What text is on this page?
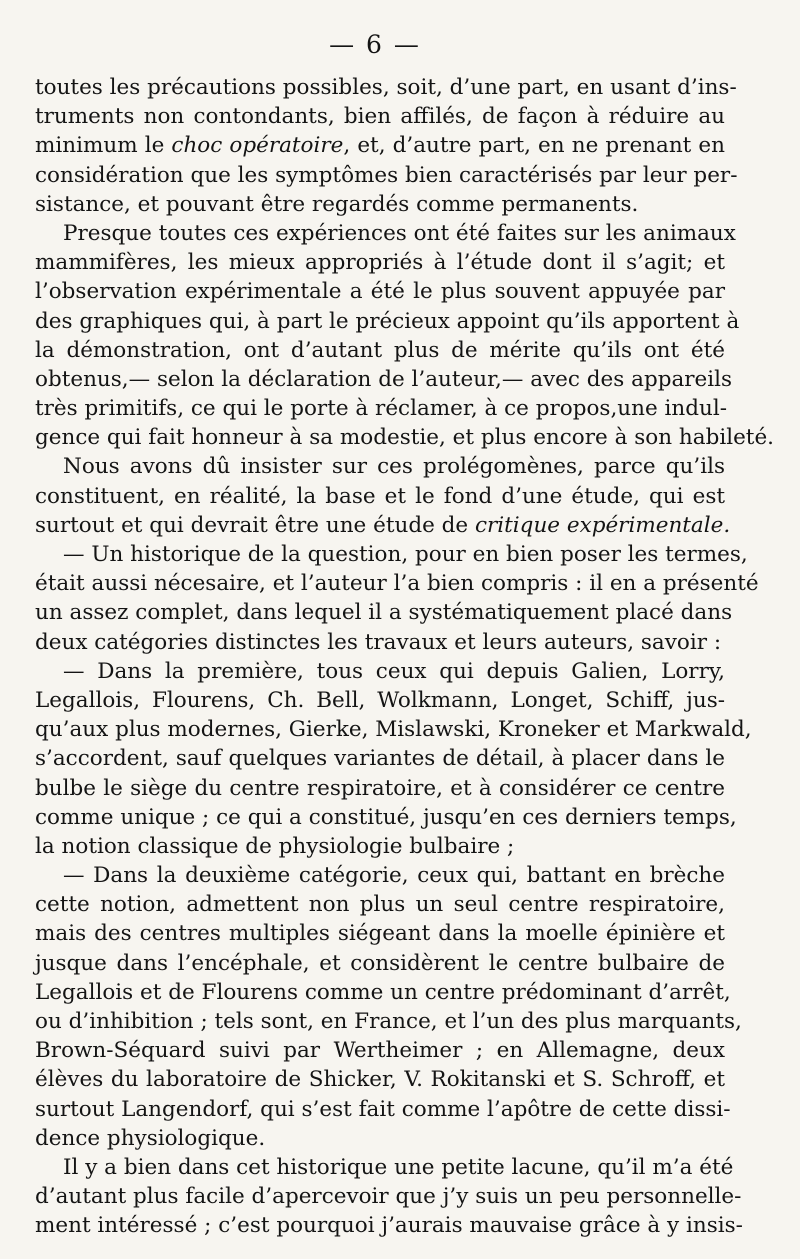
— 6 —
toutes les précautions possibles, soit, d’une part, en usant d’ins-
truments non contondants, bien affilés, de façon à réduire au
minimum le choc opératoire, et, d’autre part, en ne prenant en
considération que les symptômes bien caractérisés par leur per-
sistance, et pouvant être regardés comme permanents.
Presque toutes ces expériences ont été faites sur les animaux
mammifères, les mieux appropriés à l’étude dont il s’agit; et
l’observation expérimentale a été le plus souvent appuyée par
des graphiques qui, à part le précieux appoint qu’ils apportent à
la démonstration, ont d’autant plus de mérite qu’ils ont été
obtenus,— selon la déclaration de l’auteur,— avec des appareils
très primitifs, ce qui le porte à réclamer, à ce propos,une indul-
gence qui fait honneur à sa modestie, et plus encore à son habileté.
Nous avons dû insister sur ces prolégomènes, parce qu’ils
constituent, en réalité, la base et le fond d’une étude, qui est
surtout et qui devrait être une étude de critique expérimentale.
— Un historique de la question, pour en bien poser les termes,
était aussi nécesaire, et l’auteur l’a bien compris : il en a présenté
un assez complet, dans lequel il a systématiquement placé dans
deux catégories distinctes les travaux et leurs auteurs, savoir :
— Dans la première, tous ceux qui depuis Galien, Lorry,
Legallois, Flourens, Ch. Bell, Wolkmann, Longet, Schiff, jus-
qu’aux plus modernes, Gierke, Mislawski, Kroneker et Markwald,
s’accordent, sauf quelques variantes de détail, à placer dans le
bulbe le siège du centre respiratoire, et à considérer ce centre
comme unique ; ce qui a constitué, jusqu’en ces derniers temps,
la notion classique de physiologie bulbaire ;
— Dans la deuxième catégorie, ceux qui, battant en brèche
cette notion, admettent non plus un seul centre respiratoire,
mais des centres multiples siégeant dans la moelle épinière et
jusque dans l’encéphale, et considèrent le centre bulbaire de
Legallois et de Flourens comme un centre prédominant d’arrêt,
ou d’inhibition ; tels sont, en France, et l’un des plus marquants,
Brown-Séquard suivi par Wertheimer ; en Allemagne, deux
élèves du laboratoire de Shicker, V. Rokitanski et S. Schroff, et
surtout Langendorf, qui s’est fait comme l’apôtre de cette dissi-
dence physiologique.
Il y a bien dans cet historique une petite lacune, qu’il m’a été
d’autant plus facile d’apercevoir que j’y suis un peu personnelle-
ment intéressé ; c’est pourquoi j’aurais mauvaise grâce à y insis-
